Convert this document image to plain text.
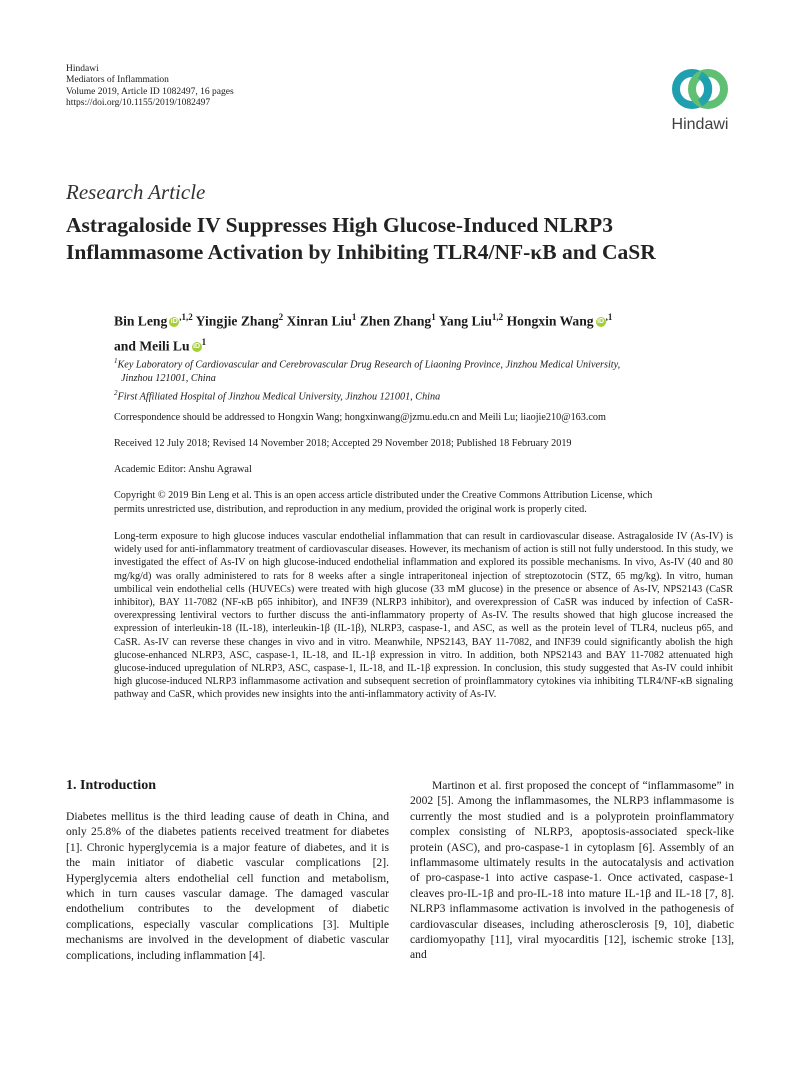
Hindawi
Mediators of Inflammation
Volume 2019, Article ID 1082497, 16 pages
https://doi.org/10.1155/2019/1082497
Hindawi
Research Article
Astragaloside IV Suppresses High Glucose-Induced NLRP3
Inflammasome Activation by Inhibiting TLR4/NF-κB and CaSR
Bin Leng iD $^{,1,2}$ Yingjie Zhang$^2$ Xinran Liu$^1$ Zhen Zhang$^1$ Yang Liu$^{1,2}$ Hongxin Wang iD $^{,1}$
and Meili Lu iD $^1$
$^1$Key Laboratory of Cardiovascular and Cerebrovascular Drug Research of Liaoning Province, Jinzhou Medical University,
Jinzhou 121001, China
$^2$First Affiliated Hospital of Jinzhou Medical University, Jinzhou 121001, China
Correspondence should be addressed to Hongxin Wang; hongxinwang@jzmu.edu.cn and Meili Lu; liaojie210@163.com
Received 12 July 2018; Revised 14 November 2018; Accepted 29 November 2018; Published 18 February 2019
Academic Editor: Anshu Agrawal
Copyright © 2019 Bin Leng et al. This is an open access article distributed under the Creative Commons Attribution License, which
permits unrestricted use, distribution, and reproduction in any medium, provided the original work is properly cited.
Long-term exposure to high glucose induces vascular endothelial inflammation that can result in cardiovascular disease. Astragaloside IV (As-IV) is widely used for anti-inflammatory treatment of cardiovascular diseases. However, its mechanism of action is still not fully understood. In this study, we investigated the effect of As-IV on high glucose-induced endothelial inflammation and explored its possible mechanisms. In vivo, As-IV (40 and 80 mg/kg/d) was orally administered to rats for 8 weeks after a single intraperitoneal injection of streptozotocin (STZ, 65 mg/kg). In vitro, human umbilical vein endothelial cells (HUVECs) were treated with high glucose (33 mM glucose) in the presence or absence of As-IV, NPS2143 (CaSR inhibitor), BAY 11-7082 (NF-κB p65 inhibitor), and INF39 (NLRP3 inhibitor), and overexpression of CaSR was induced by infection of CaSR-overexpressing lentiviral vectors to further discuss the anti-inflammatory property of As-IV. The results showed that high glucose increased the expression of interleukin-18 (IL-18), interleukin-1β (IL-1β), NLRP3, caspase-1, and ASC, as well as the protein level of TLR4, nucleus p65, and CaSR. As-IV can reverse these changes in vivo and in vitro. Meanwhile, NPS2143, BAY 11-7082, and INF39 could significantly abolish the high glucose-enhanced NLRP3, ASC, caspase-1, IL-18, and IL-1β expression in vitro. In addition, both NPS2143 and BAY 11-7082 attenuated high glucose-induced upregulation of NLRP3, ASC, caspase-1, IL-18, and IL-1β expression. In conclusion, this study suggested that As-IV could inhibit high glucose-induced NLRP3 inflammasome activation and subsequent secretion of proinflammatory cytokines via inhibiting TLR4/NF-κB signaling pathway and CaSR, which provides new insights into the anti-inflammatory activity of As-IV.
1. Introduction
Diabetes mellitus is the third leading cause of death in China, and only 25.8% of the diabetes patients received treatment for diabetes [1]. Chronic hyperglycemia is a major feature of diabetes, and it is the main initiator of diabetic vascular complications [2]. Hyperglycemia alters endothelial cell function and metabolism, which in turn causes vascular damage. The damaged vascular endothelium contributes to the development of diabetic complications, especially vascular complications [3]. Multiple mechanisms are involved in the development of diabetic vascular complications, including inflammation [4].
Martinon et al. first proposed the concept of “inflammasome” in 2002 [5]. Among the inflammasomes, the NLRP3 inflammasome is currently the most studied and is a polyprotein proinflammatory complex consisting of NLRP3, apoptosis-associated speck-like protein (ASC), and pro-caspase-1 in cytoplasm [6]. Assembly of an inflammasome ultimately results in the autocatalysis and activation of pro-caspase-1 into active caspase-1. Once activated, caspase-1 cleaves pro-IL-1β and pro-IL-18 into mature IL-1β and IL-18 [7, 8]. NLRP3 inflammasome activation is involved in the pathogenesis of cardiovascular diseases, including atherosclerosis [9, 10], diabetic cardiomyopathy [11], viral myocarditis [12], ischemic stroke [13], and
